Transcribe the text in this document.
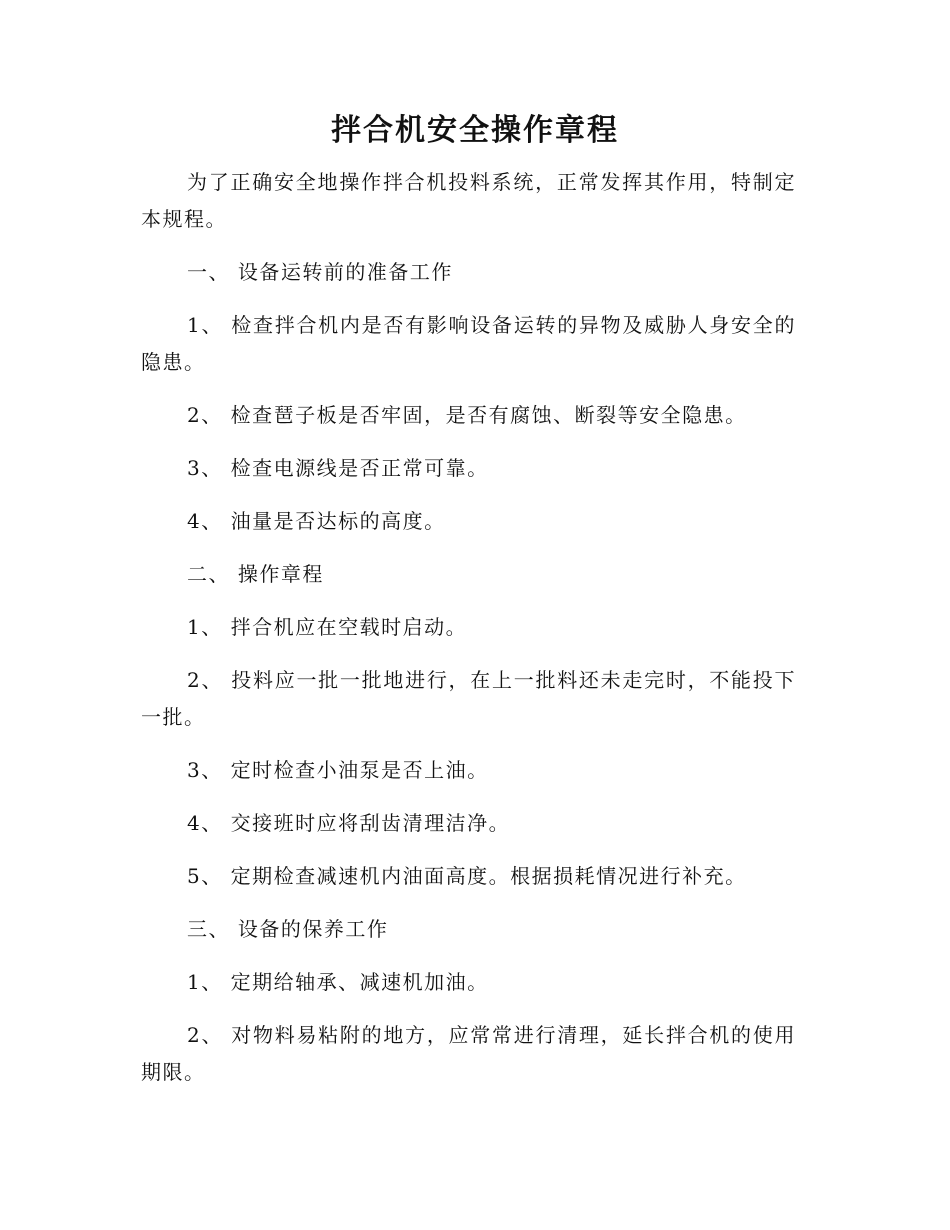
拌合机安全操作章程

为了正确安全地操作拌合机投料系统，正常发挥其作用，特制定本规程。

一、 设备运转前的准备工作

1、 检查拌合机内是否有影响设备运转的异物及威胁人身安全的隐患。

2、 检查琶子板是否牢固，是否有腐蚀、断裂等安全隐患。

3、 检查电源线是否正常可靠。

4、 油量是否达标的高度。

二、 操作章程

1、 拌合机应在空载时启动。

2、 投料应一批一批地进行，在上一批料还未走完时，不能投下一批。

3、 定时检查小油泵是否上油。

4、 交接班时应将刮齿清理洁净。

5、 定期检查减速机内油面高度。根据损耗情况进行补充。

三、 设备的保养工作

1、 定期给轴承、减速机加油。

2、 对物料易粘附的地方，应常常进行清理，延长拌合机的使用期限。
